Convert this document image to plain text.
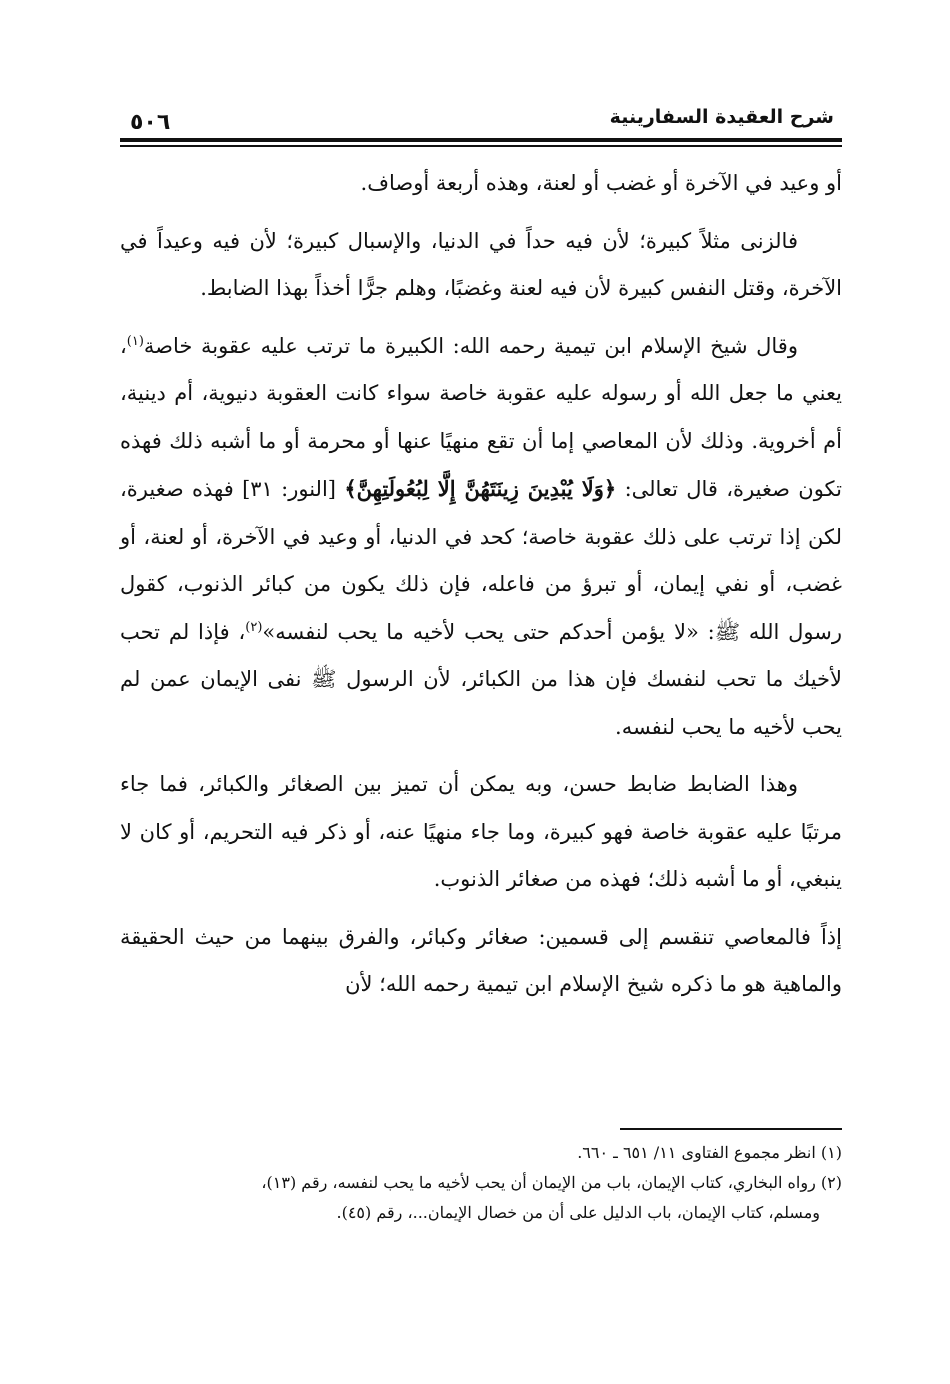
٥٠٦	شرح العقيدة السفارينية

أو وعيد في الآخرة أو غضب أو لعنة، وهذه أربعة أوصاف.

فالزنى مثلاً كبيرة؛ لأن فيه حداً في الدنيا، والإسبال كبيرة؛ لأن فيه وعيداً في الآخرة، وقتل النفس كبيرة لأن فيه لعنة وغضبًا، وهلم جرًّا أخذاً بهذا الضابط.

وقال شيخ الإسلام ابن تيمية رحمه الله: الكبيرة ما ترتب عليه عقوبة خاصة$^{(١)}$، يعني ما جعل الله أو رسوله عليه عقوبة خاصة سواء كانت العقوبة دنيوية، أم دينية، أم أخروية. وذلك لأن المعاصي إما أن تقع منهيًا عنها أو محرمة أو ما أشبه ذلك فهذه تكون صغيرة، قال تعالى: ﴿وَلَا يُبْدِينَ زِينَتَهُنَّ إِلَّا لِبُعُولَتِهِنَّ﴾ [النور: ٣١] فهذه صغيرة، لكن إذا ترتب على ذلك عقوبة خاصة؛ كحد في الدنيا، أو وعيد في الآخرة، أو لعنة، أو غضب، أو نفي إيمان، أو تبرؤ من فاعله، فإن ذلك يكون من كبائر الذنوب، كقول رسول الله ﷺ: «لا يؤمن أحدكم حتى يحب لأخيه ما يحب لنفسه»$^{(٢)}$، فإذا لم تحب لأخيك ما تحب لنفسك فإن هذا من الكبائر، لأن الرسول ﷺ نفى الإيمان عمن لم يحب لأخيه ما يحب لنفسه.

وهذا الضابط ضابط حسن، وبه يمكن أن تميز بين الصغائر والكبائر، فما جاء مرتبًا عليه عقوبة خاصة فهو كبيرة، وما جاء منهيًا عنه، أو ذكر فيه التحريم، أو كان لا ينبغي، أو ما أشبه ذلك؛ فهذه من صغائر الذنوب.

إذاً فالمعاصي تنقسم إلى قسمين: صغائر وكبائر، والفرق بينهما من حيث الحقيقة والماهية هو ما ذكره شيخ الإسلام ابن تيمية رحمه الله؛ لأن

(١) انظر مجموع الفتاوى ١١/ ٦٥١ ـ ٦٦٠.

(٢) رواه البخاري، كتاب الإيمان، باب من الإيمان أن يحب لأخيه ما يحب لنفسه، رقم (١٣)،
ومسلم، كتاب الإيمان، باب الدليل على أن من خصال الإيمان...، رقم (٤٥).
